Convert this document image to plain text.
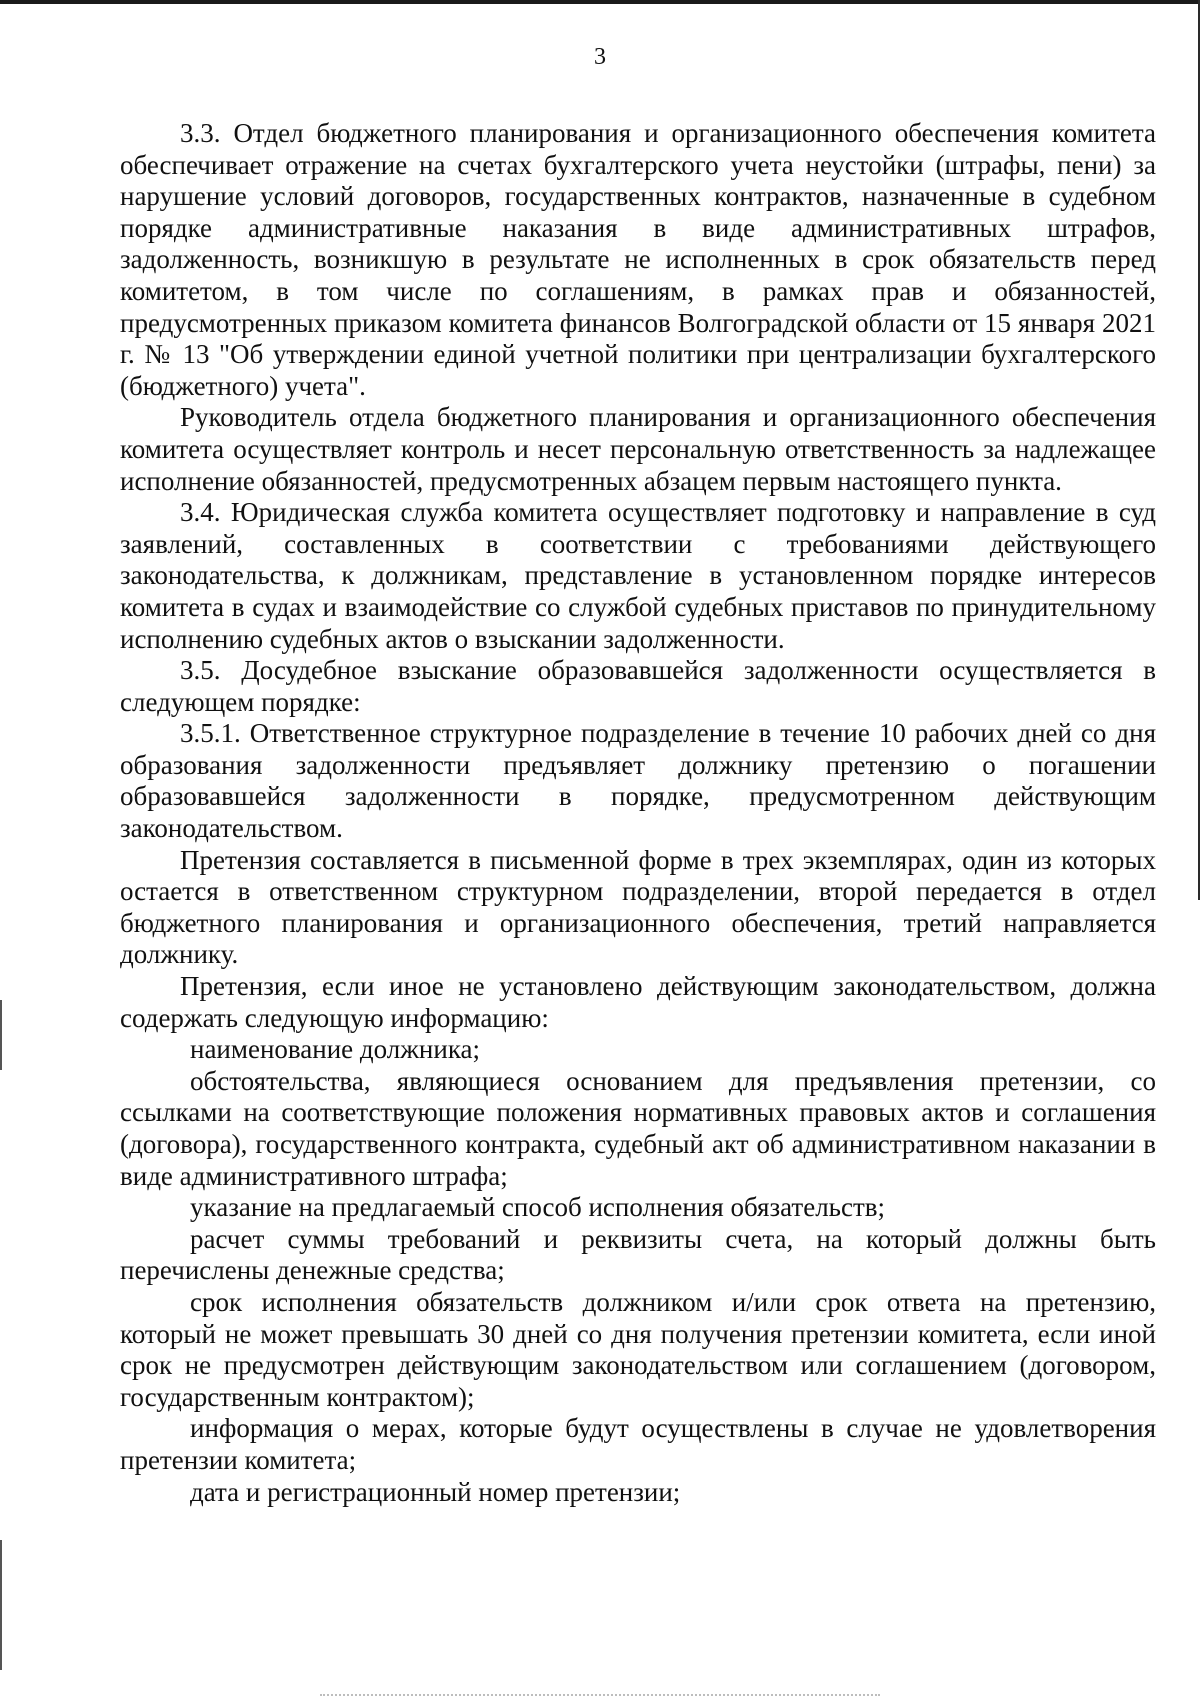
3

3.3. Отдел бюджетного планирования и организационного обеспечения комитета обеспечивает отражение на счетах бухгалтерского учета неустойки (штрафы, пени) за нарушение условий договоров, государственных контрактов, назначенные в судебном порядке административные наказания в виде административных штрафов, задолженность, возникшую в результате не исполненных в срок обязательств перед комитетом, в том числе по соглашениям, в рамках прав и обязанностей, предусмотренных приказом комитета финансов Волгоградской области от 15 января 2021 г. № 13 "Об утверждении единой учетной политики при централизации бухгалтерского (бюджетного) учета".

Руководитель отдела бюджетного планирования и организационного обеспечения комитета осуществляет контроль и несет персональную ответственность за надлежащее исполнение обязанностей, предусмотренных абзацем первым настоящего пункта.

3.4. Юридическая служба комитета осуществляет подготовку и направление в суд заявлений, составленных в соответствии с требованиями действующего законодательства, к должникам, представление в установленном порядке интересов комитета в судах и взаимодействие со службой судебных приставов по принудительному исполнению судебных актов о взыскании задолженности.

3.5. Досудебное взыскание образовавшейся задолженности осуществляется в следующем порядке:

3.5.1. Ответственное структурное подразделение в течение 10 рабочих дней со дня образования задолженности предъявляет должнику претензию о погашении образовавшейся задолженности в порядке, предусмотренном действующим законодательством.

Претензия составляется в письменной форме в трех экземплярах, один из которых остается в ответственном структурном подразделении, второй передается в отдел бюджетного планирования и организационного обеспечения, третий направляется должнику.

Претензия, если иное не установлено действующим законодательством, должна содержать следующую информацию:

наименование должника;

обстоятельства, являющиеся основанием для предъявления претензии, со ссылками на соответствующие положения нормативных правовых актов и соглашения (договора), государственного контракта, судебный акт об административном наказании в виде административного штрафа;

указание на предлагаемый способ исполнения обязательств;

расчет суммы требований и реквизиты счета, на который должны быть перечислены денежные средства;

срок исполнения обязательств должником и/или срок ответа на претензию, который не может превышать 30 дней со дня получения претензии комитета, если иной срок не предусмотрен действующим законодательством или соглашением (договором, государственным контрактом);

информация о мерах, которые будут осуществлены в случае не удовлетворения претензии комитета;

дата и регистрационный номер претензии;
